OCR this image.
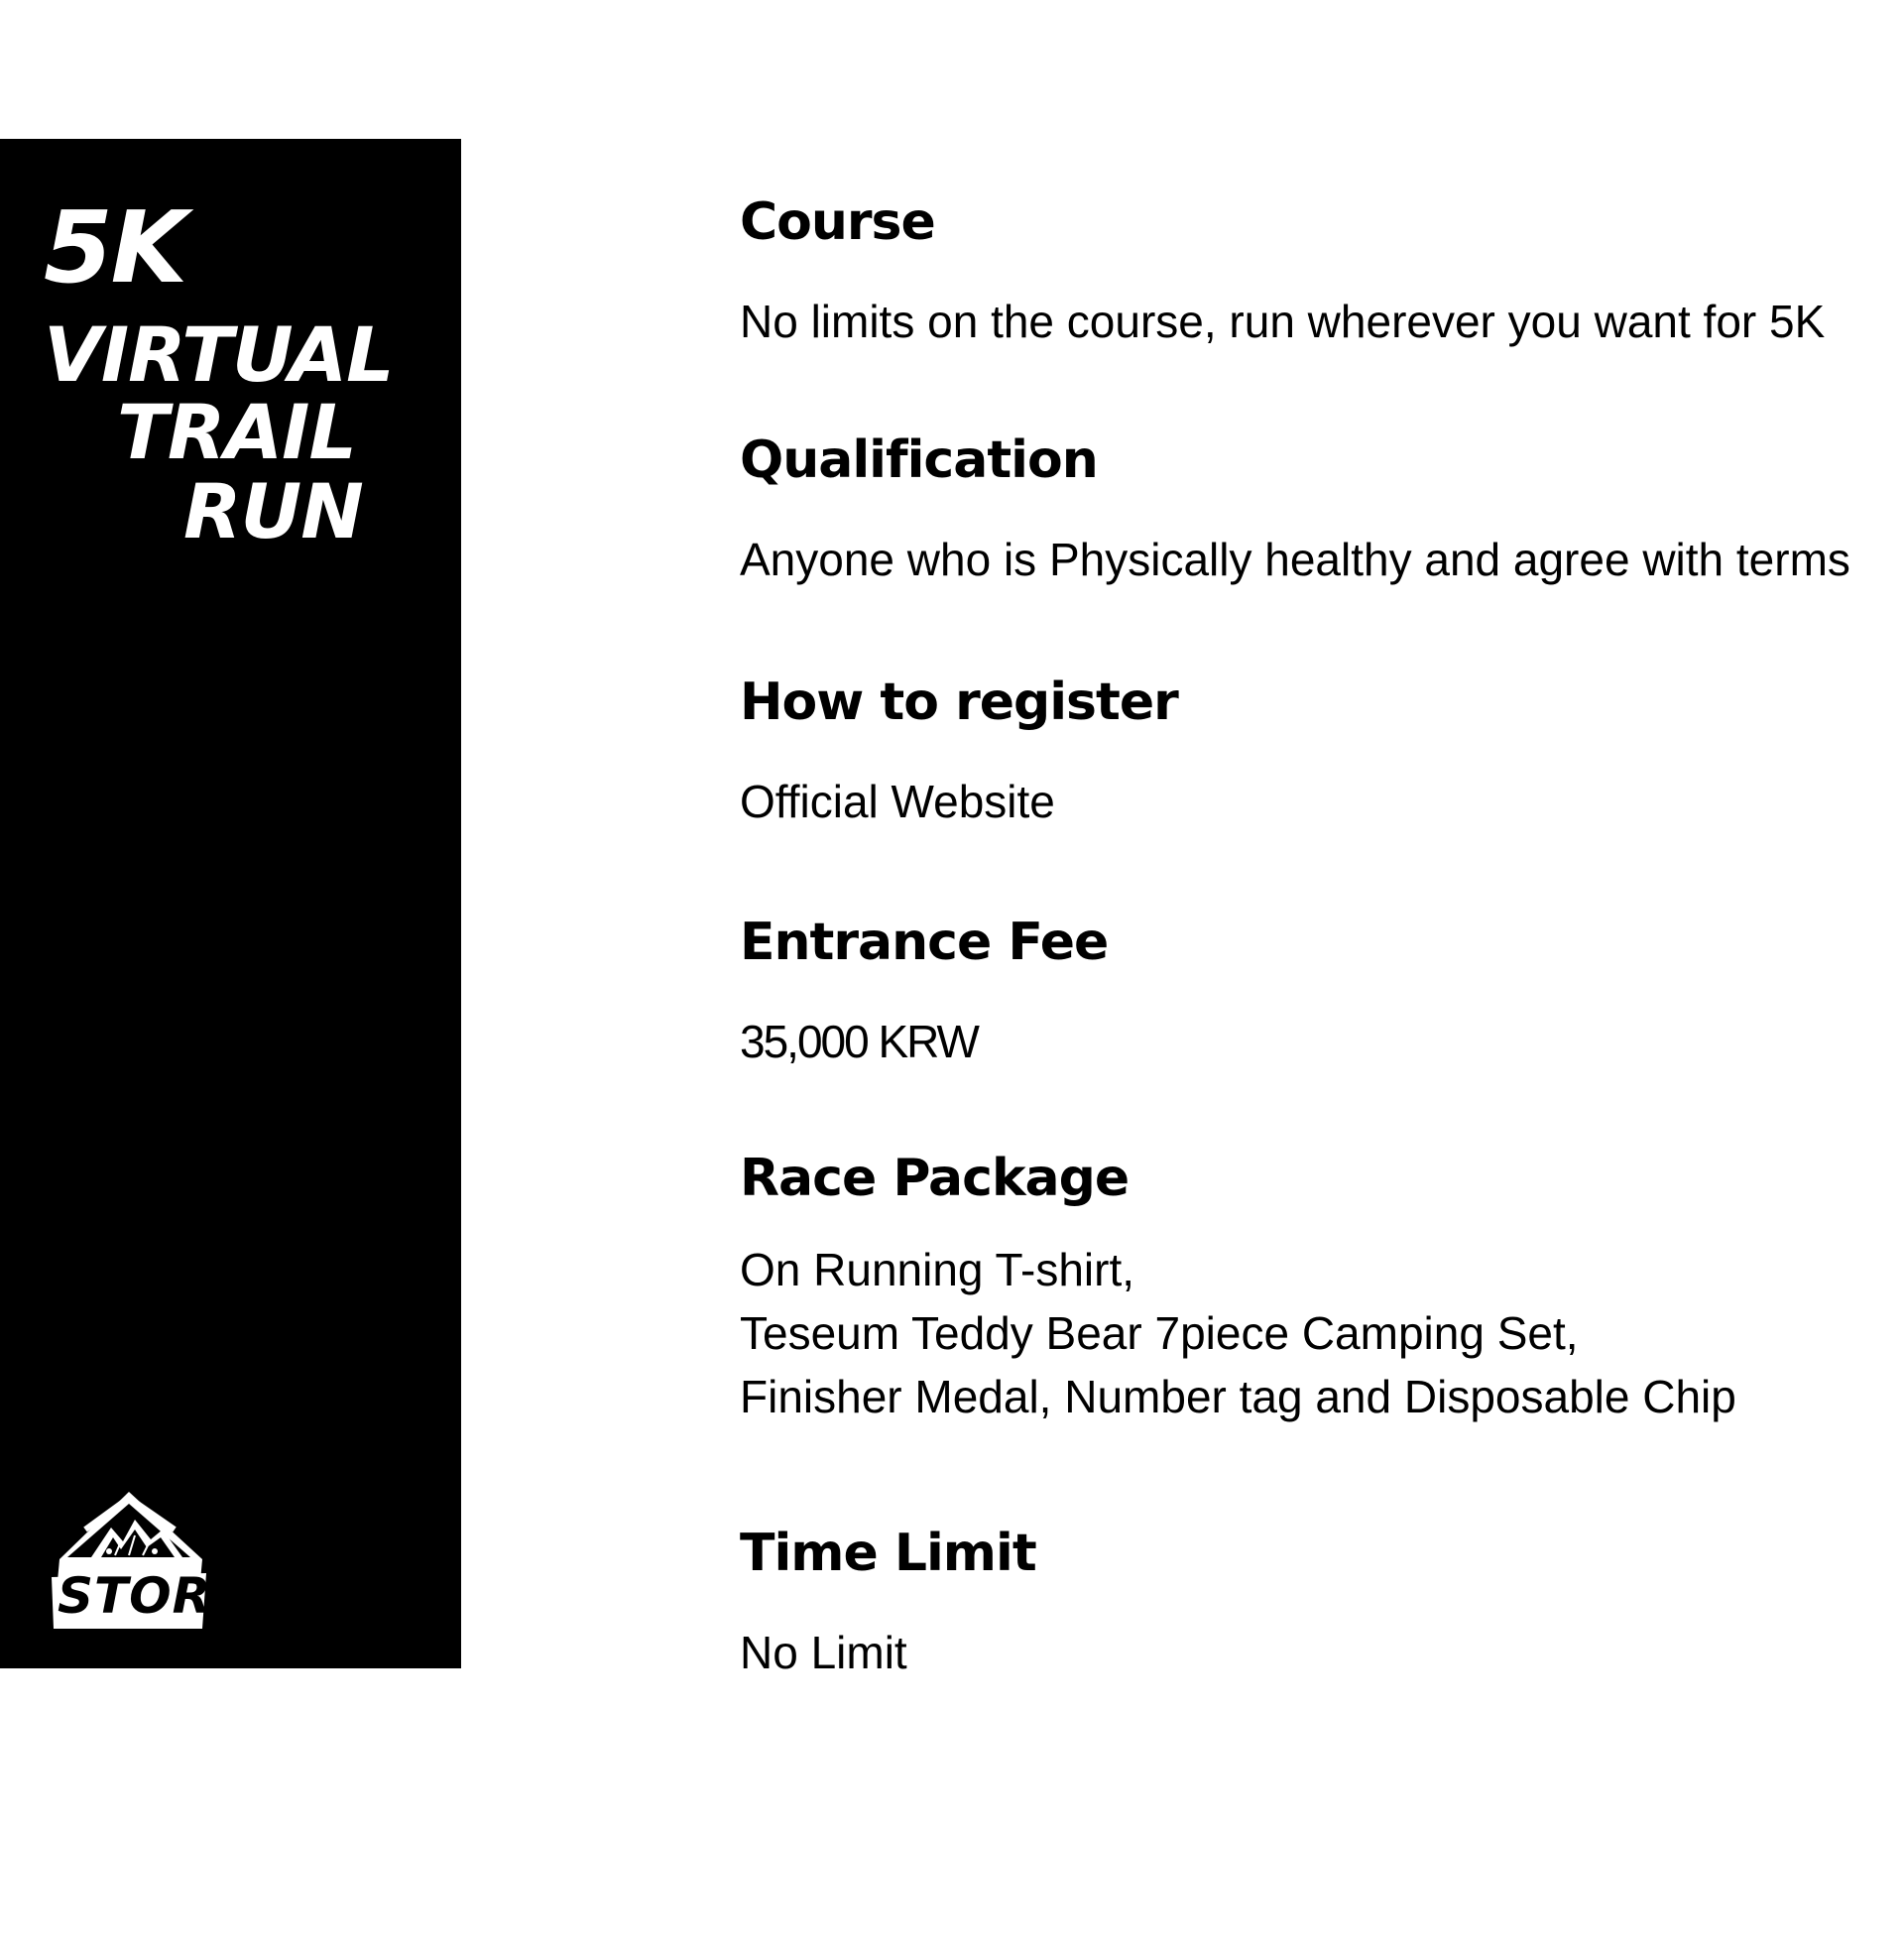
5K
VIRTUAL
TRAIL
RUN
STOR
Course
No limits on the course, run wherever you want for 5K
Qualification
Anyone who is Physically healthy and agree with terms
How to register
Official Website
Entrance Fee
35,000 KRW
Race Package
On Running T-shirt,
Teseum Teddy Bear 7piece Camping Set,
Finisher Medal, Number tag and Disposable Chip
Time Limit
No Limit
